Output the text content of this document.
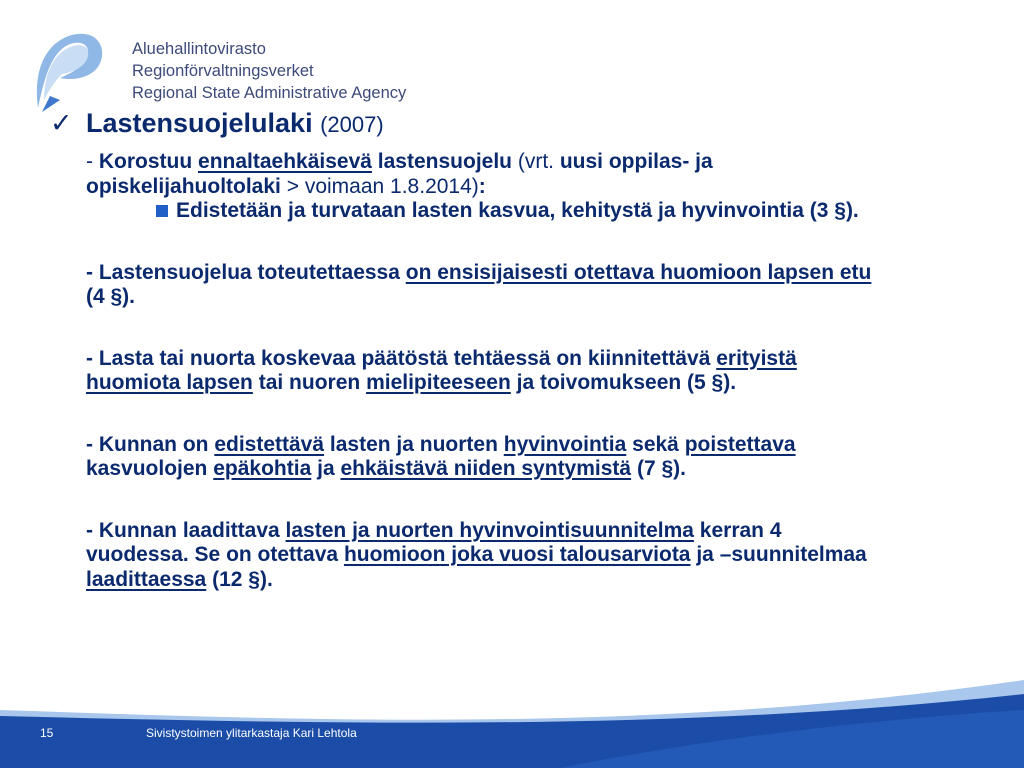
Aluehallintovirasto
Regionförvaltningsverket
Regional State Administrative Agency
✓ Lastensuojelulaki (2007)

- Korostuu ennaltaehkäisevä lastensuojelu (vrt. uusi oppilas- ja opiskelijahuoltolaki > voimaan 1.8.2014):

Edistetään ja turvataan lasten kasvua, kehitystä ja hyvinvointia (3 §).

- Lastensuojelua toteutettaessa on ensisijaisesti otettava huomioon lapsen etu (4 §).

- Lasta tai nuorta koskevaa päätöstä tehtäessä on kiinnitettävä erityistä huomiota lapsen tai nuoren mielipiteeseen ja toivomukseen (5 §).

- Kunnan on edistettävä lasten ja nuorten hyvinvointia sekä poistettava kasvuolojen epäkohtia ja ehkäistävä niiden syntymistä (7 §).

- Kunnan laadittava lasten ja nuorten hyvinvointisuunnitelma kerran 4 vuodessa. Se on otettava huomioon joka vuosi talousarviota ja –suunnitelmaa laadittaessa (12 §).

15	Sivistystoimen ylitarkastaja Kari Lehtola
